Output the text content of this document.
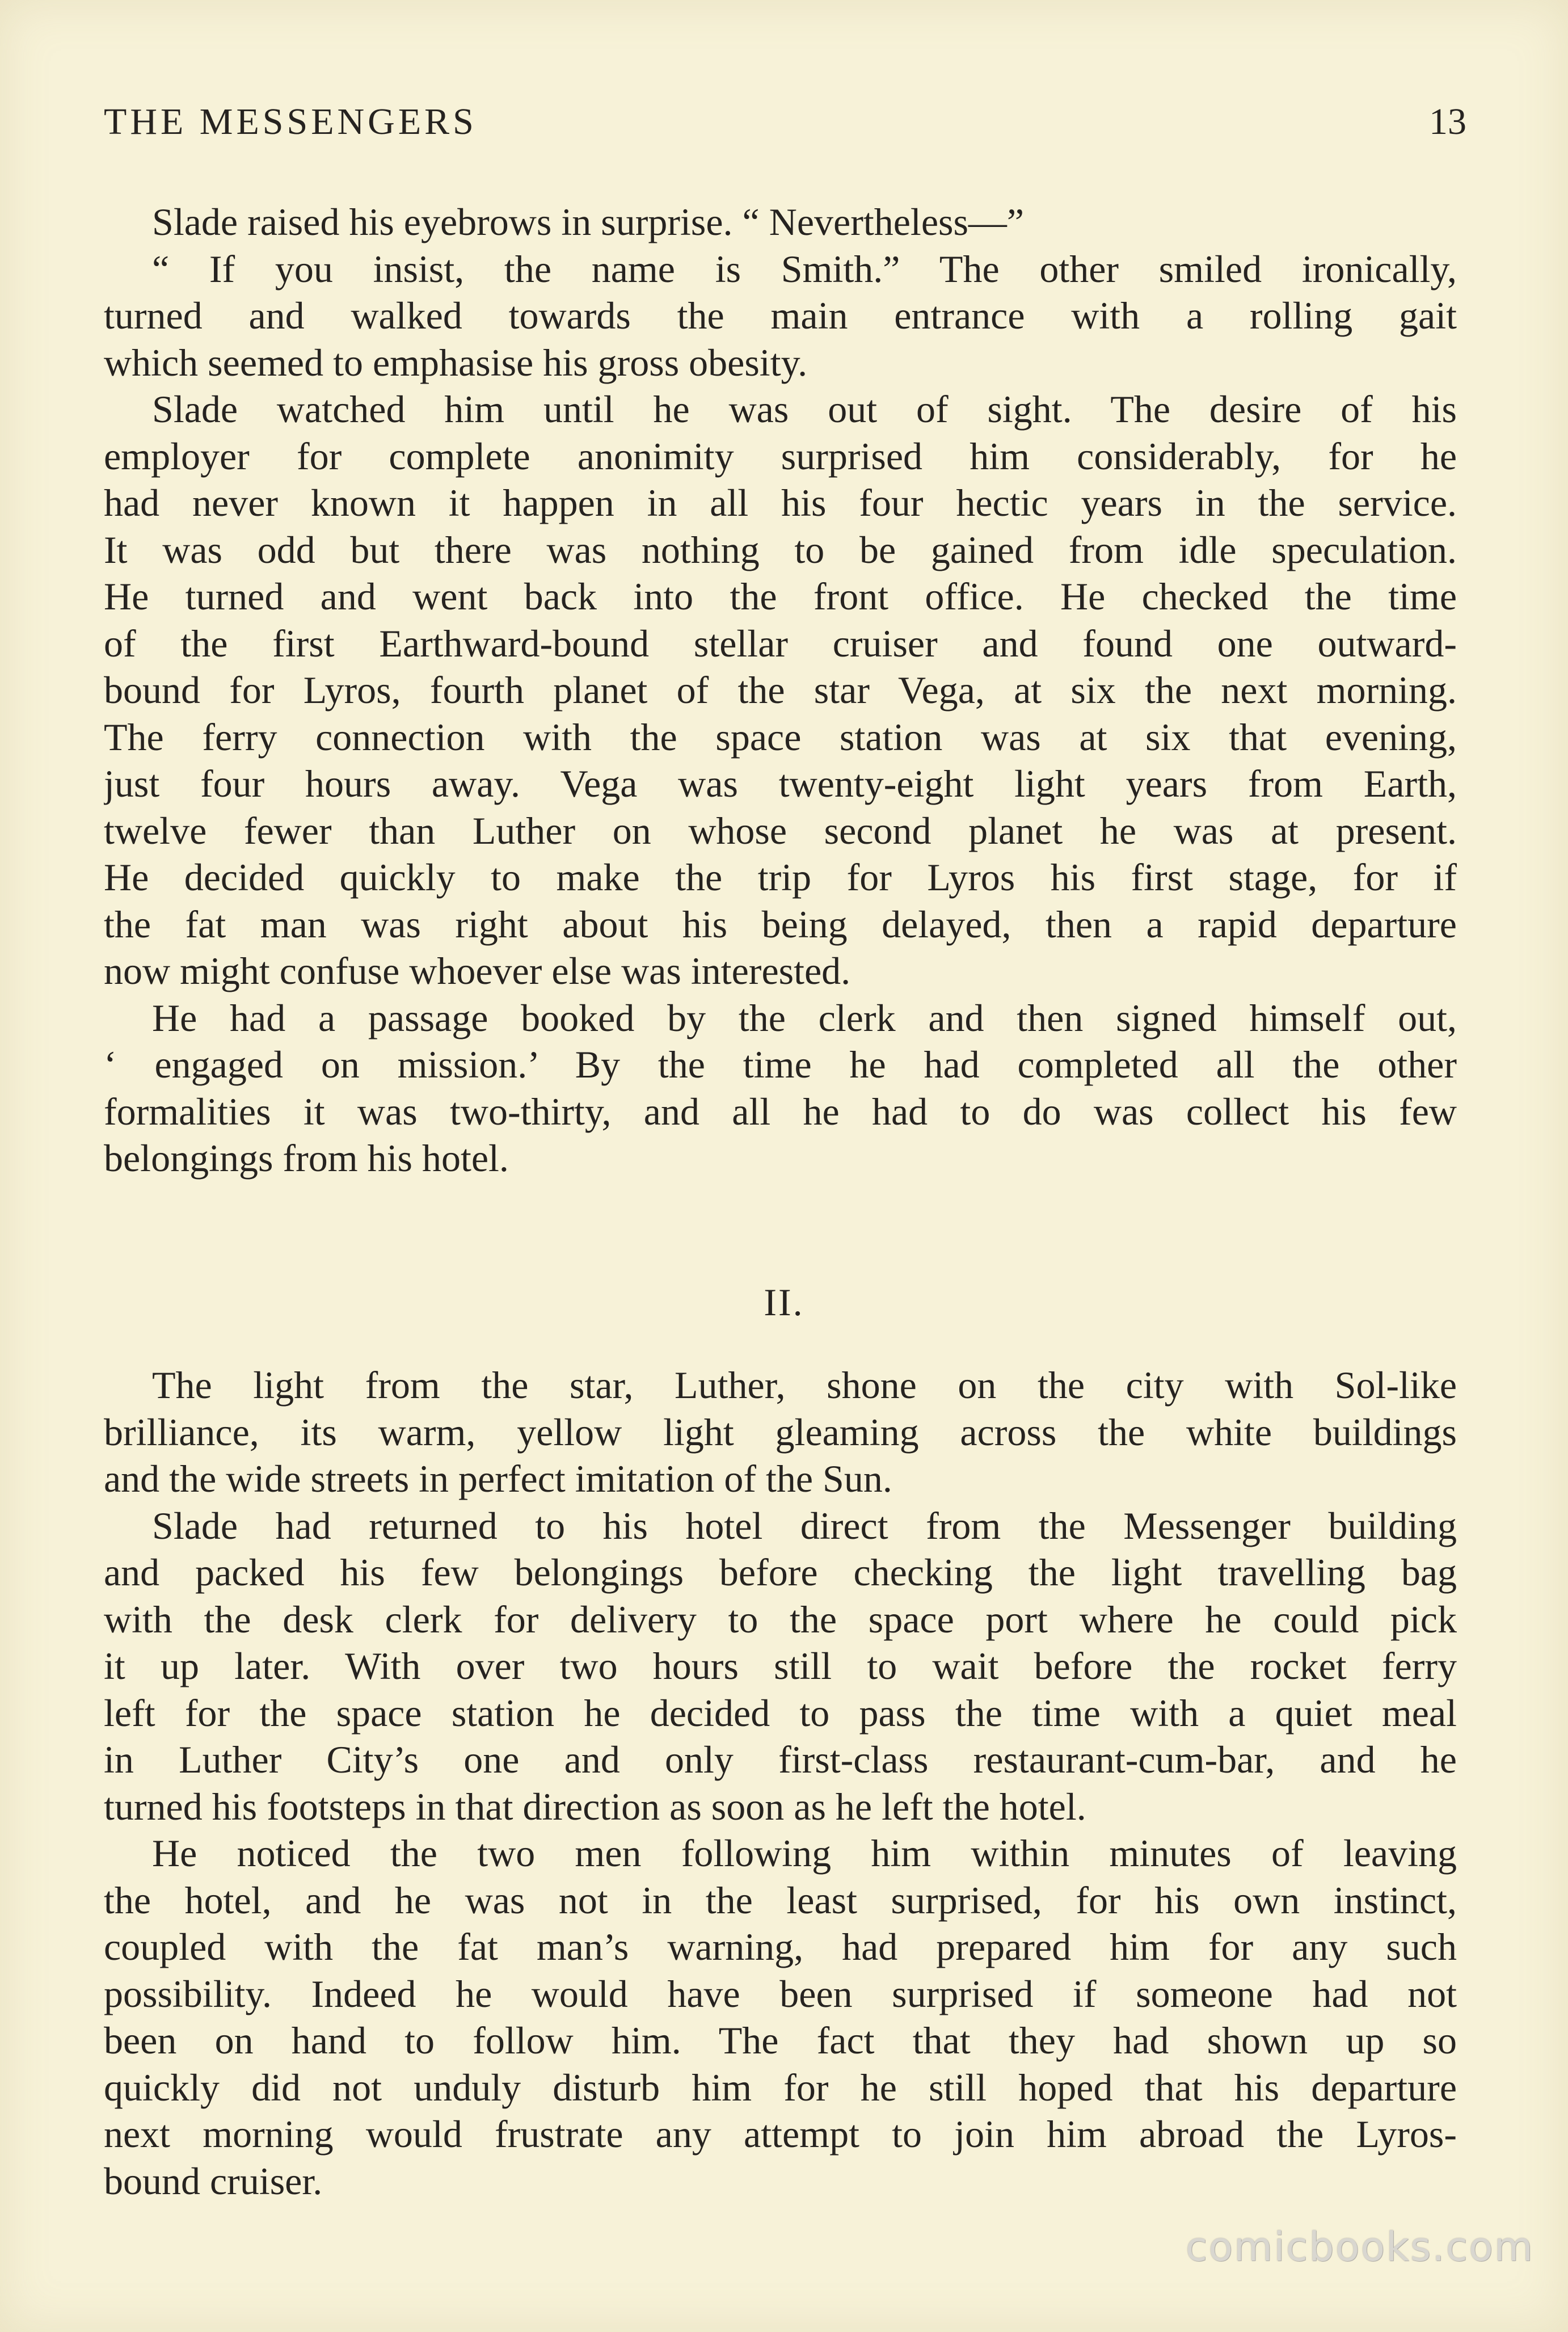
THE MESSENGERS	13
Slade raised his eyebrows in surprise. “ Nevertheless—”
“ If you insist, the name is Smith.” The other smiled ironically,
turned and walked towards the main entrance with a rolling gait
which seemed to emphasise his gross obesity.
Slade watched him until he was out of sight. The desire of his
employer for complete anonimity surprised him considerably, for he
had never known it happen in all his four hectic years in the service.
It was odd but there was nothing to be gained from idle speculation.
He turned and went back into the front office. He checked the time
of the first Earthward-bound stellar cruiser and found one outward-
bound for Lyros, fourth planet of the star Vega, at six the next morning.
The ferry connection with the space station was at six that evening,
just four hours away. Vega was twenty-eight light years from Earth,
twelve fewer than Luther on whose second planet he was at present.
He decided quickly to make the trip for Lyros his first stage, for if
the fat man was right about his being delayed, then a rapid departure
now might confuse whoever else was interested.
He had a passage booked by the clerk and then signed himself out,
‘ engaged on mission.’ By the time he had completed all the other
formalities it was two-thirty, and all he had to do was collect his few
belongings from his hotel.
II.
The light from the star, Luther, shone on the city with Sol-like
brilliance, its warm, yellow light gleaming across the white buildings
and the wide streets in perfect imitation of the Sun.
Slade had returned to his hotel direct from the Messenger building
and packed his few belongings before checking the light travelling bag
with the desk clerk for delivery to the space port where he could pick
it up later. With over two hours still to wait before the rocket ferry
left for the space station he decided to pass the time with a quiet meal
in Luther City’s one and only first-class restaurant-cum-bar, and he
turned his footsteps in that direction as soon as he left the hotel.
He noticed the two men following him within minutes of leaving
the hotel, and he was not in the least surprised, for his own instinct,
coupled with the fat man’s warning, had prepared him for any such
possibility. Indeed he would have been surprised if someone had not
been on hand to follow him. The fact that they had shown up so
quickly did not unduly disturb him for he still hoped that his departure
next morning would frustrate any attempt to join him abroad the Lyros-
bound cruiser.
comicbooks.com
